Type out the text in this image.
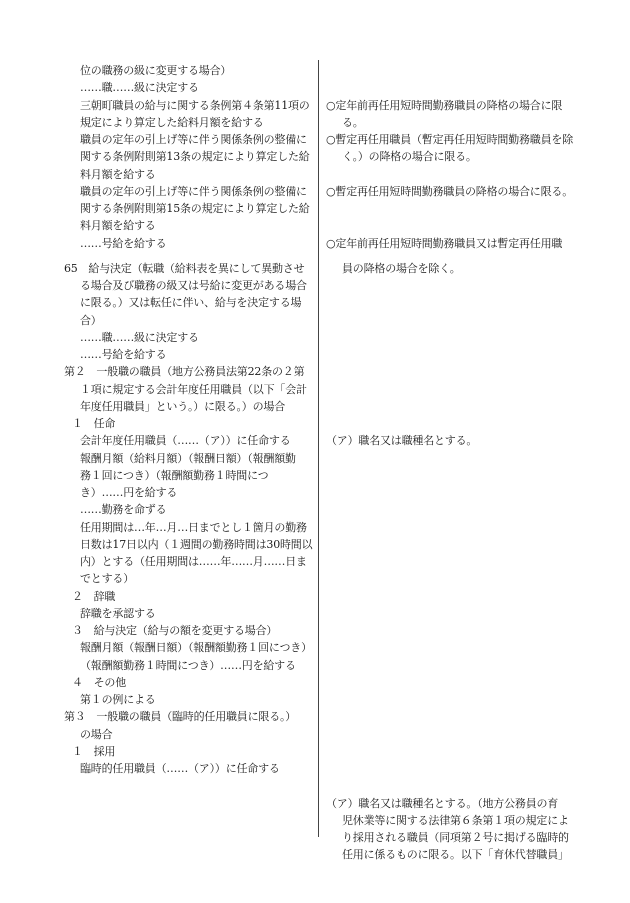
位の職務の級に変更する場合）
……職……級に決定する
三朝町職員の給与に関する条例第４条第11項の
規定により算定した給料月額を給する
職員の定年の引上げ等に伴う関係条例の整備に
関する条例附則第13条の規定により算定した給
料月額を給する
職員の定年の引上げ等に伴う関係条例の整備に
関する条例附則第15条の規定により算定した給
料月額を給する
……号給を給する
65　給与決定（転職（給料表を異にして異動させ
る場合及び職務の級又は号給に変更がある場合
に限る。）又は転任に伴い、給与を決定する場
合）
……職……級に決定する
……号給を給する
第２　一般職の職員（地方公務員法第22条の２第
１項に規定する会計年度任用職員（以下「会計
年度任用職員」という。）に限る。）の場合
１　任命
会計年度任用職員（……（ア））に任命する
報酬月額（給料月額）（報酬日額）（報酬額勤
務１回につき）（報酬額勤務１時間につ
き）……円を給する
……勤務を命ずる
任用期間は…年…月…日までとし１箇月の勤務
日数は17日以内（１週間の勤務時間は30時間以
内）とする（任用期間は……年……月……日ま
でとする）
２　辞職
辞職を承認する
３　給与決定（給与の額を変更する場合）
報酬月額（報酬日額）（報酬額勤務１回につき）
（報酬額勤務１時間につき）……円を給する
４　その他
第１の例による
第３　一般職の職員（臨時的任用職員に限る。）
の場合
１　採用
臨時的任用職員（……（ア））に任命する
○定年前再任用短時間勤務職員の降格の場合に限
る。
○暫定再任用職員（暫定再任用短時間勤務職員を除
く。）の降格の場合に限る。
○暫定再任用短時間勤務職員の降格の場合に限る。
○定年前再任用短時間勤務職員又は暫定再任用職
員の降格の場合を除く。
（ア）職名又は職種名とする。
（ア）職名又は職種名とする。（地方公務員の育
児休業等に関する法律第６条第１項の規定によ
り採用される職員（同項第２号に掲げる臨時的
任用に係るものに限る。以下「育休代替職員」
